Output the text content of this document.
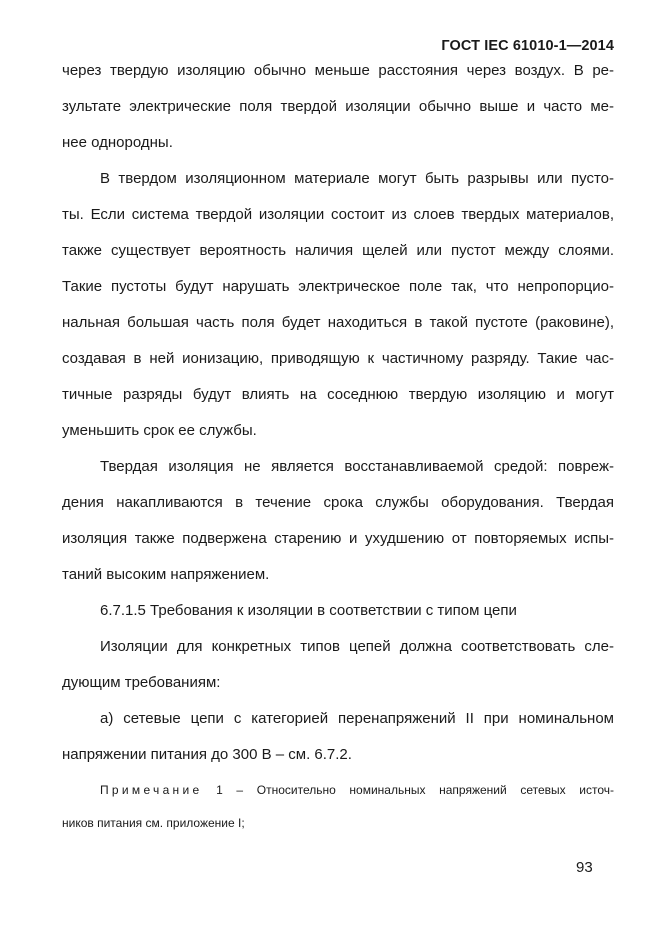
ГОСТ IEC 61010-1—2014
через твердую изоляцию обычно меньше расстояния через воздух. В ре-
зультате электрические поля твердой изоляции обычно выше и часто ме-
нее однородны.
В твердом изоляционном материале могут быть разрывы или пусто-
ты. Если система твердой изоляции состоит из слоев твердых материалов,
также существует вероятность наличия щелей или пустот между слоями.
Такие пустоты будут нарушать электрическое поле так, что непропорцио-
нальная большая часть поля будет находиться в такой пустоте (раковине),
создавая в ней ионизацию, приводящую к частичному разряду. Такие час-
тичные разряды будут влиять на соседнюю твердую изоляцию и могут
уменьшить срок ее службы.
Твердая изоляция не является восстанавливаемой средой: повреж-
дения накапливаются в течение срока службы оборудования. Твердая
изоляция также подвержена старению и ухудшению от повторяемых испы-
таний высоким напряжением.
6.7.1.5 Требования к изоляции в соответствии с типом цепи
Изоляции для конкретных типов цепей должна соответствовать сле-
дующим требованиям:
а) сетевые цепи с категорией перенапряжений II при номинальном
напряжении питания до 300 В – см. 6.7.2.
Примечание 1 – Относительно номинальных напряжений сетевых источ-
ников питания см. приложение I;
93
